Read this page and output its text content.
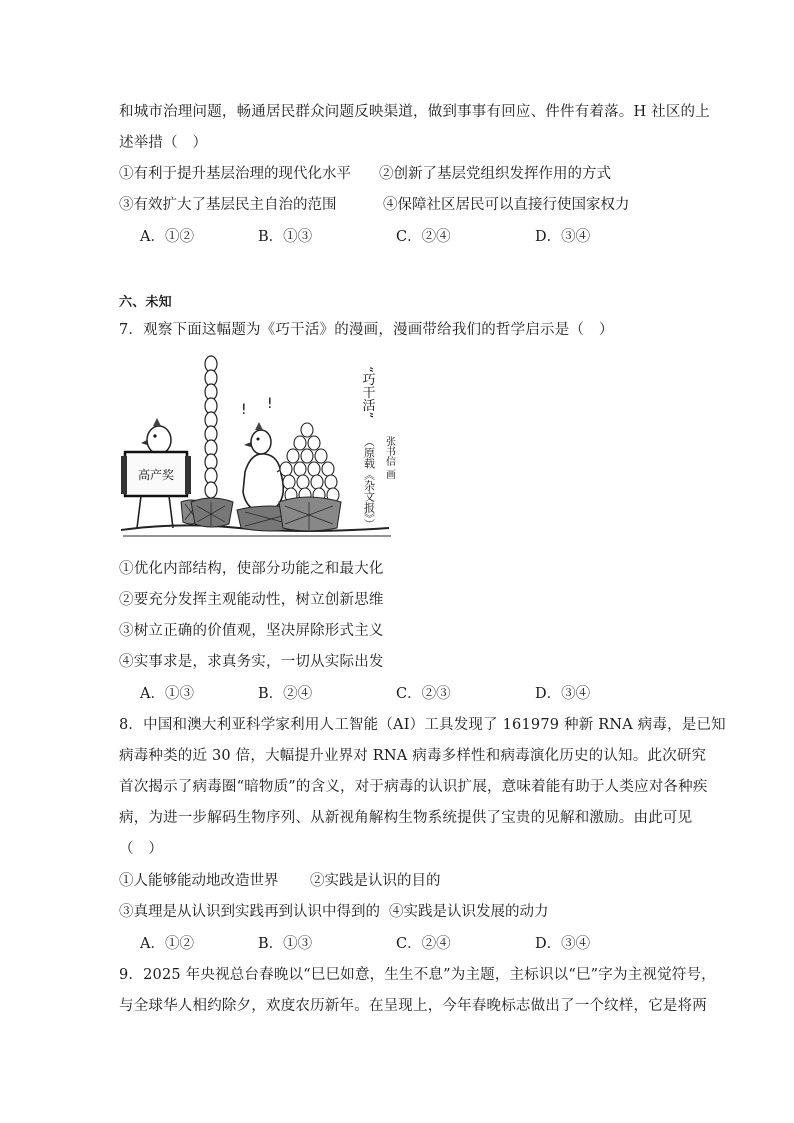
和城市治理问题，畅通居民群众问题反映渠道，做到事事有回应、件件有着落。H 社区的上
述举措（　）
①有利于提升基层治理的现代化水平 ②创新了基层党组织发挥作用的方式
③有效扩大了基层民主自治的范围	④保障社区居民可以直接行使国家权力
A．①②	B．①③	C．②④	D．③④
六、未知
7．观察下面这幅题为《巧干活》的漫画，漫画带给我们的哲学启示是（　）
高产奖
! !	“巧干活”
（原载《杂文报》） 张书信 画
①优化内部结构，使部分功能之和最大化
②要充分发挥主观能动性，树立创新思维
③树立正确的价值观，坚决屏除形式主义
④实事求是，求真务实，一切从实际出发
A．①③	B．②④	C．②③	D．③④
8．中国和澳大利亚科学家利用人工智能（AI）工具发现了 161979 种新 RNA 病毒，是已知
病毒种类的近 30 倍，大幅提升业界对 RNA 病毒多样性和病毒演化历史的认知。此次研究
首次揭示了病毒圈“暗物质”的含义，对于病毒的认识扩展，意味着能有助于人类应对各种疾
病，为进一步解码生物序列、从新视角解构生物系统提供了宝贵的见解和激励。由此可见
（　）
①人能够能动地改造世界 ②实践是认识的目的
③真理是从认识到实践再到认识中得到的 ④实践是认识发展的动力
A．①②	B．①③	C．②④	D．③④
9．2025 年央视总台春晚以“巳巳如意，生生不息”为主题，主标识以“巳”字为主视觉符号，
与全球华人相约除夕，欢度农历新年。在呈现上，今年春晚标志做出了一个纹样，它是将两
